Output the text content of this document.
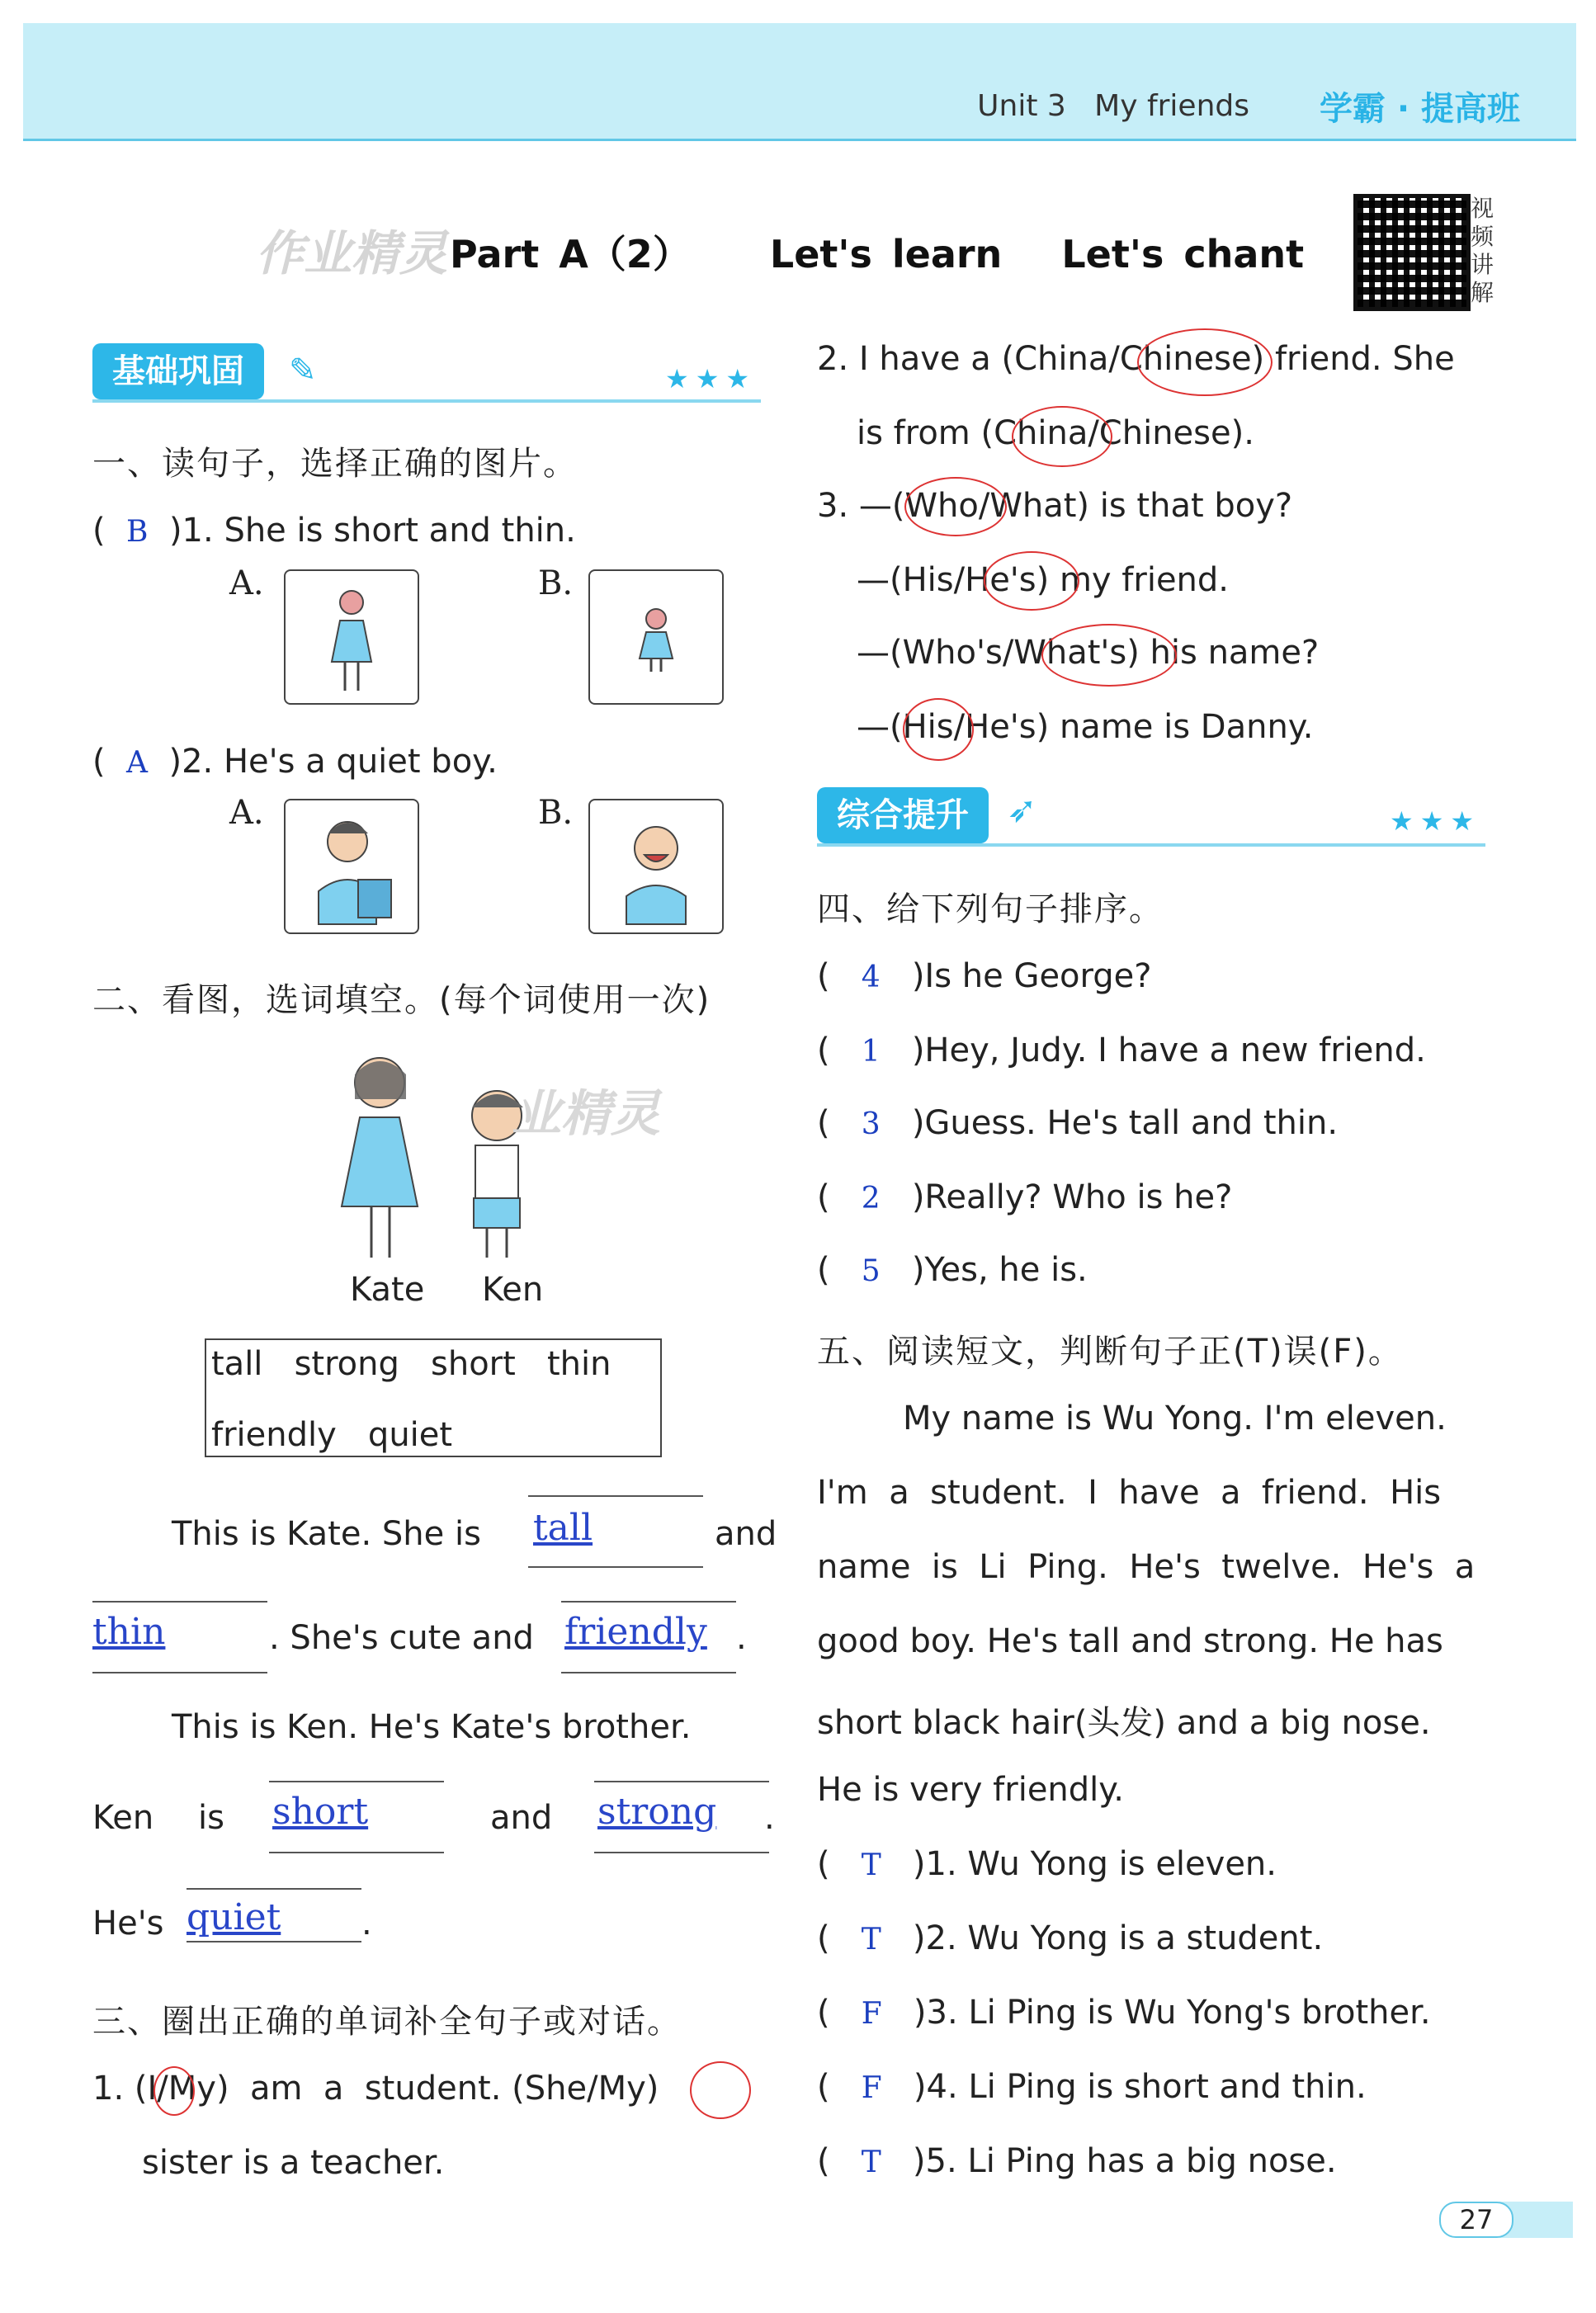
Unit 3 My friends 学霸 · 提高班
作业精灵 Part A（2） Let's learn Let's chant
视频讲解
基础巩固	✎	★★★
一、读句子，选择正确的图片。
(  B )1. She is short and thin.
A.	B.
(  A )2. He's a quiet boy.
A.	B.
二、看图，选词填空。(每个词使用一次)
业精灵
Kate Ken
tall   strong   short   thin
friendly   quiet
This is Kate. She is tall	and
thin	. She's cute and friendly .
This is Ken. He's Kate's brother.
Ken is short	and strong .
He's quiet .
三、圈出正确的单词补全句子或对话。
1. (I/My)  am  a  student. (She/My)
sister is a teacher.
2. I have a (China/Chinese) friend. She
is from (China/Chinese).
3. —(Who/What) is that boy?
—(His/He's) my friend.
—(Who's/What's) his name?
—(His/He's) name is Danny.
综合提升	➶	★★★
四、给下列句子排序。
(   4 )Is he George?
(   1 )Hey, Judy. I have a new friend.
(   3 )Guess. He's tall and thin.
(   2 )Really? Who is he?
(   5 )Yes, he is.
五、阅读短文，判断句子正(T)误(F)。
My name is Wu Yong. I'm eleven.
I'm  a  student.  I  have  a  friend.  His
name  is  Li  Ping.  He's  twelve.  He's  a
good boy. He's tall and strong. He has
short black hair(头发) and a big nose.
He is very friendly.
(   T )1. Wu Yong is eleven.
(   T )2. Wu Yong is a student.
(   F )3. Li Ping is Wu Yong's brother.
(   F )4. Li Ping is short and thin.
(   T )5. Li Ping has a big nose.
27
